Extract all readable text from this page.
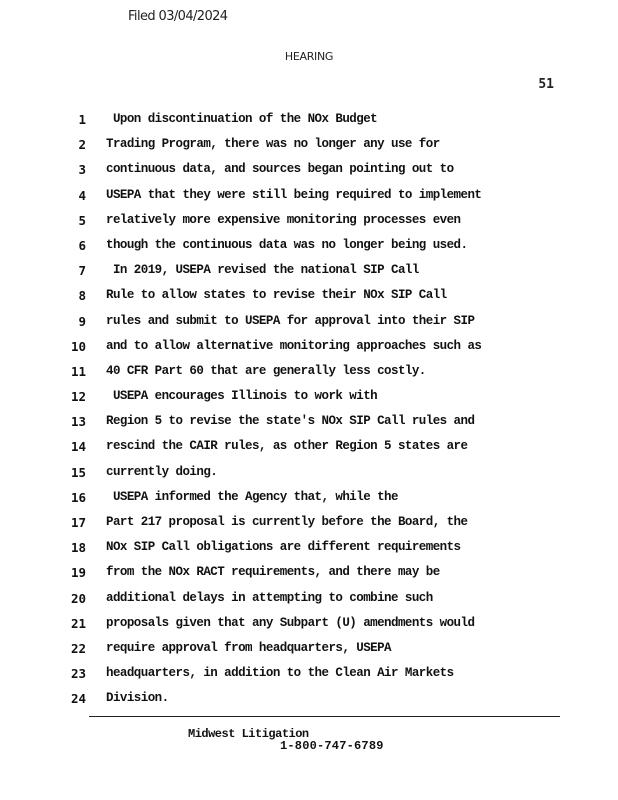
Filed 03/04/2024
HEARING
51
1 Upon discontinuation of the NOx Budget
2 Trading Program, there was no longer any use for
3 continuous data, and sources began pointing out to
4 USEPA that they were still being required to implement
5 relatively more expensive monitoring processes even
6 though the continuous data was no longer being used.
7 In 2019, USEPA revised the national SIP Call
8 Rule to allow states to revise their NOx SIP Call
9 rules and submit to USEPA for approval into their SIP
10 and to allow alternative monitoring approaches such as
11 40 CFR Part 60 that are generally less costly.
12 USEPA encourages Illinois to work with
13 Region 5 to revise the state's NOx SIP Call rules and
14 rescind the CAIR rules, as other Region 5 states are
15 currently doing.
16 USEPA informed the Agency that, while the
17 Part 217 proposal is currently before the Board, the
18 NOx SIP Call obligations are different requirements
19 from the NOx RACT requirements, and there may be
20 additional delays in attempting to combine such
21 proposals given that any Subpart (U) amendments would
22 require approval from headquarters, USEPA
23 headquarters, in addition to the Clean Air Markets
24 Division.
Midwest Litigation
1-800-747-6789
